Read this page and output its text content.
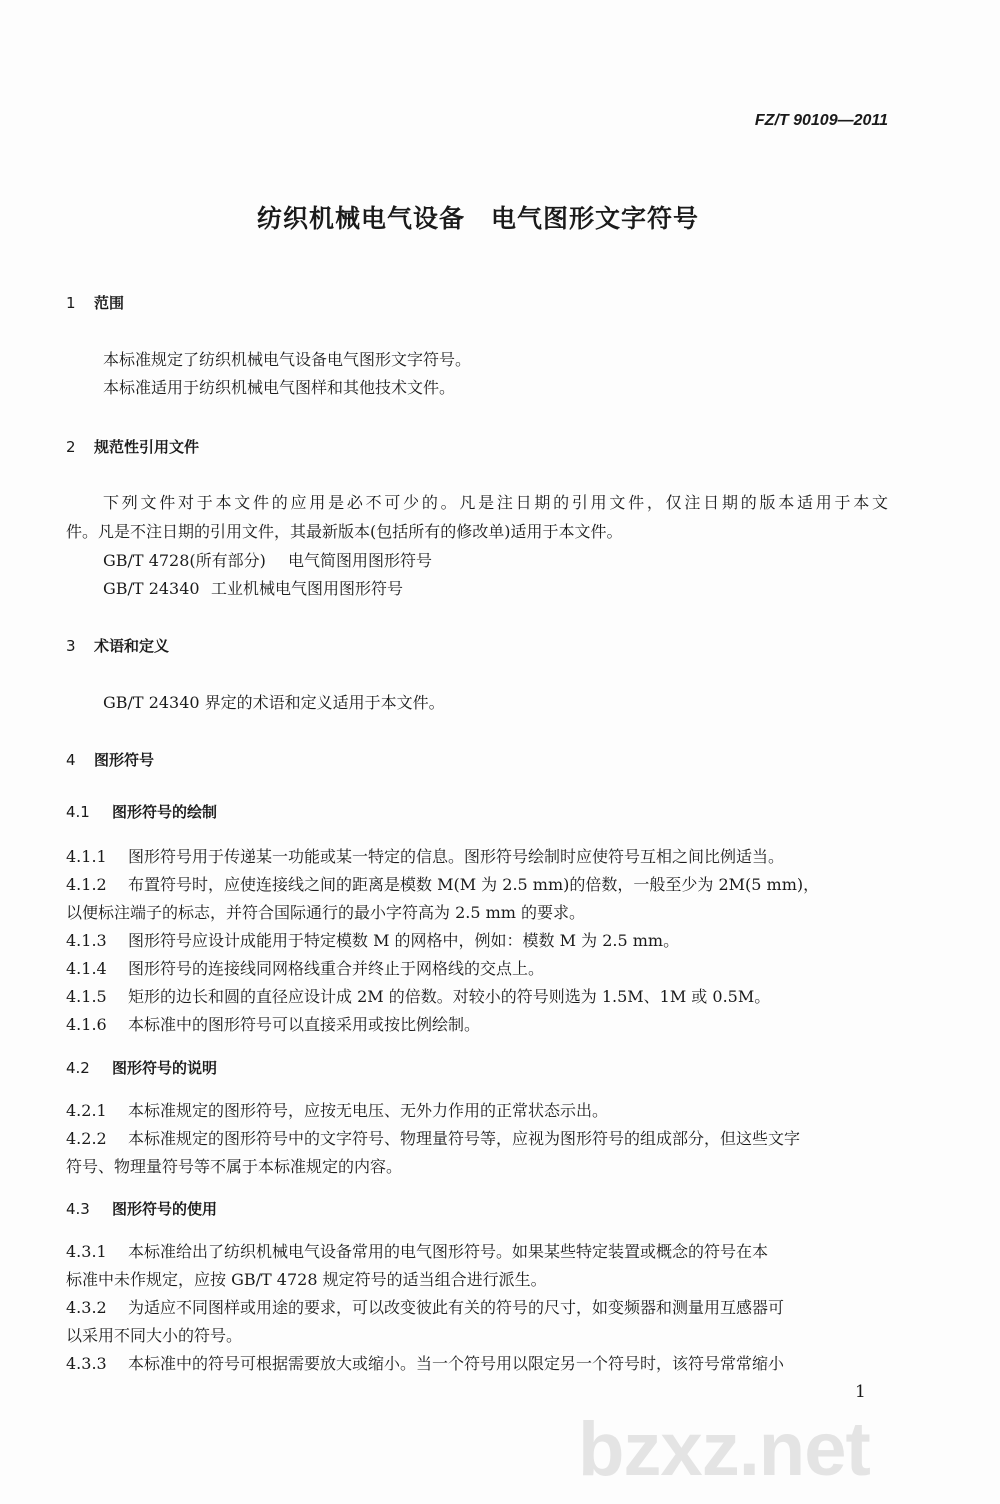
FZ/T 90109—2011
纺织机械电气设备　电气图形文字符号
1 范围
本标准规定了纺织机械电气设备电气图形文字符号。
本标准适用于纺织机械电气图样和其他技术文件。
2 规范性引用文件
下列文件对于本文件的应用是必不可少的。凡是注日期的引用文件，仅注日期的版本适用于本文
件。凡是不注日期的引用文件，其最新版本(包括所有的修改单)适用于本文件。
GB/T 4728(所有部分) 电气简图用图形符号
GB/T 24340 工业机械电气图用图形符号
3 术语和定义
GB/T 24340 界定的术语和定义适用于本文件。
4 图形符号
4.1 图形符号的绘制
4.1.1 图形符号用于传递某一功能或某一特定的信息。图形符号绘制时应使符号互相之间比例适当。
4.1.2 布置符号时，应使连接线之间的距离是模数 M(M 为 2.5 mm)的倍数，一般至少为 2M(5 mm)，
以便标注端子的标志，并符合国际通行的最小字符高为 2.5 mm 的要求。
4.1.3 图形符号应设计成能用于特定模数 M 的网格中，例如：模数 M 为 2.5 mm。
4.1.4 图形符号的连接线同网格线重合并终止于网格线的交点上。
4.1.5 矩形的边长和圆的直径应设计成 2M 的倍数。对较小的符号则选为 1.5M、1M 或 0.5M。
4.1.6 本标准中的图形符号可以直接采用或按比例绘制。
4.2 图形符号的说明
4.2.1 本标准规定的图形符号，应按无电压、无外力作用的正常状态示出。
4.2.2 本标准规定的图形符号中的文字符号、物理量符号等，应视为图形符号的组成部分，但这些文字
符号、物理量符号等不属于本标准规定的内容。
4.3 图形符号的使用
4.3.1 本标准给出了纺织机械电气设备常用的电气图形符号。如果某些特定装置或概念的符号在本
标准中未作规定，应按 GB/T 4728 规定符号的适当组合进行派生。
4.3.2 为适应不同图样或用途的要求，可以改变彼此有关的符号的尺寸，如变频器和测量用互感器可
以采用不同大小的符号。
4.3.3 本标准中的符号可根据需要放大或缩小。当一个符号用以限定另一个符号时，该符号常常缩小
1
bzxz.net
